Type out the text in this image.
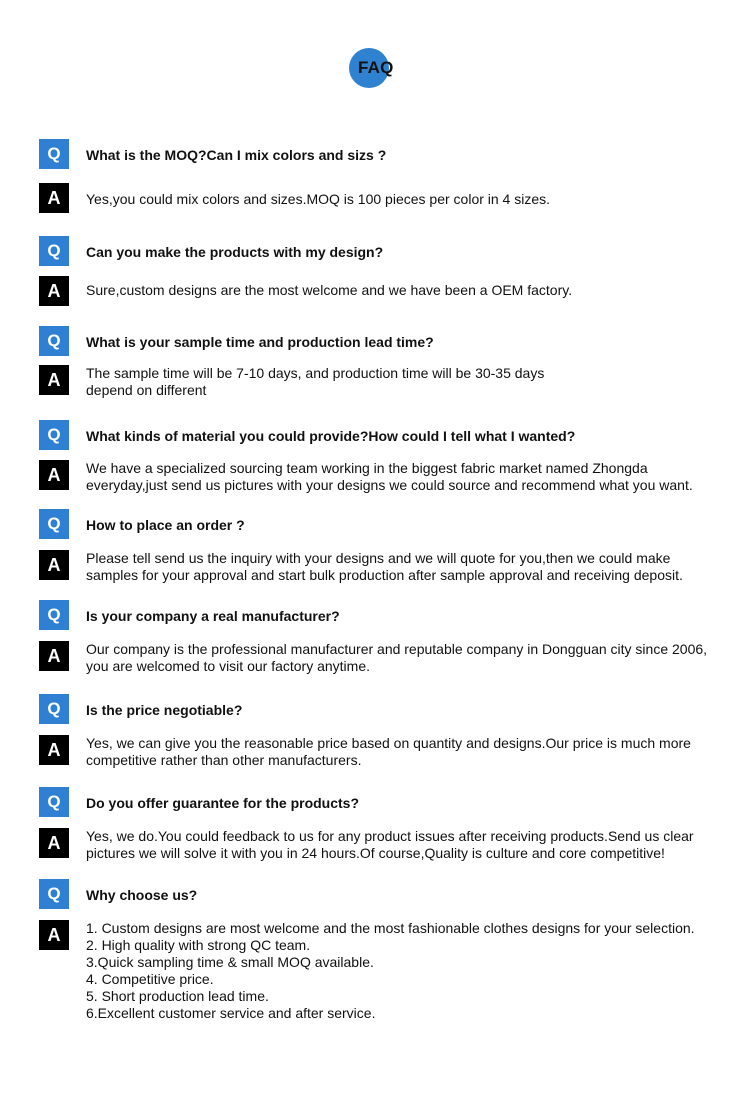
FAQ
Q	What is the MOQ?Can I mix colors and sizs ?
A	Yes,you could mix colors and sizes.MOQ is 100 pieces per color in 4 sizes.
Q	Can you make the products with my design?
A	Sure,custom designs are the most welcome and we have been a OEM factory.
Q	What is your sample time and production lead time?
A	The sample time will be 7-10 days, and production time will be 30-35 days
depend on different
Q	What kinds of material you could provide?How could I tell what I wanted?
A	We have a specialized sourcing team working in the biggest fabric market named Zhongda
everyday,just send us pictures with your designs we could source and recommend what you want.
Q	How to place an order ?
A	Please tell send us the inquiry with your designs and we will quote for you,then we could make
samples for your approval and start bulk production after sample approval and receiving deposit.
Q	Is your company a real manufacturer?
A	Our company is the professional manufacturer and reputable company in Dongguan city since 2006,
you are welcomed to visit our factory anytime.
Q	Is the price negotiable?
A	Yes, we can give you the reasonable price based on quantity and designs.Our price is much more
competitive rather than other manufacturers.
Q	Do you offer guarantee for the products?
A	Yes, we do.You could feedback to us for any product issues after receiving products.Send us clear
pictures we will solve it with you in 24 hours.Of course,Quality is culture and core competitive!
Q	Why choose us?
A	1. Custom designs are most welcome and the most fashionable clothes designs for your selection.
2. High quality with strong QC team.
3.Quick sampling time & small MOQ available.
4. Competitive price.
5. Short production lead time.
6.Excellent customer service and after service.
